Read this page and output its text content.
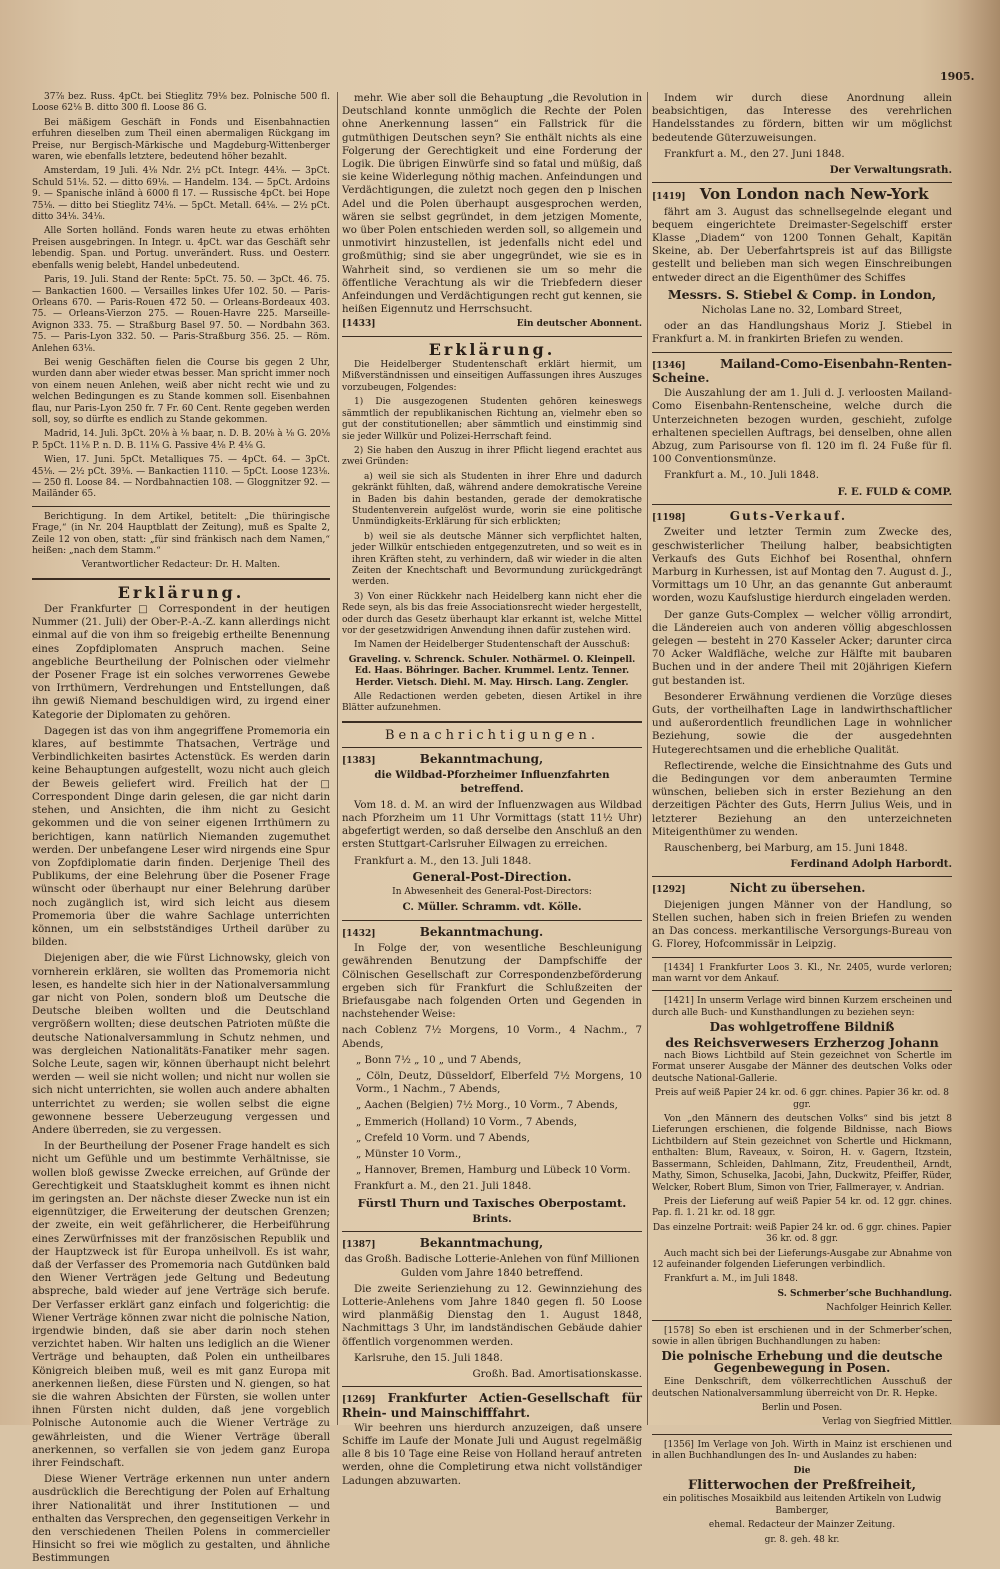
1905.

37⅞ bez. Russ. 4pCt. bei Stieglitz 79⅛ bez. Polnische 500 fl. Loose 62⅛ B. ditto 300 fl. Loose 86 G.

Bei mäßigem Geschäft in Fonds und Eisenbahnactien erfuhren dieselben zum Theil einen abermaligen Rückgang im Preise, nur Bergisch-Märkische und Magdeburg-Wittenberger waren, wie ebenfalls letztere, bedeutend höher bezahlt.

Amsterdam, 19 Juli. 4⅛ Ndr. 2½ pCt. Integr. 44⅛. — 3pCt. Schuld 51⅛. 52. — ditto 69⅛. — Handelm. 134. — 5pCt. Ardoins 9. — Spanische inländ à 6000 fl 17. — Russische 4pCt. bei Hope 75⅛. — ditto bei Stieglitz 74⅛. — 5pCt. Metall. 64⅛. — 2½ pCt. ditto 34⅛. 34⅛.

Alle Sorten holländ. Fonds waren heute zu etwas erhöhten Preisen ausgebringen. In Integr. u. 4pCt. war das Geschäft sehr lebendig. Span. und Portug. unverändert. Russ. und Oesterr. ebenfalls wenig belebt, Handel unbedeutend.

Paris, 19. Juli. Stand der Rente: 5pCt. 75. 50. — 3pCt. 46. 75. — Bankactien 1600. — Versailles linkes Ufer 102. 50. — Paris-Orleans 670. — Paris-Rouen 472 50. — Orleans-Bordeaux 403. 75. — Orleans-Vierzon 275. — Rouen-Havre 225. Marseille-Avignon 333. 75. — Straßburg Basel 97. 50. — Nordbahn 363. 75. — Paris-Lyon 332. 50. — Paris-Straßburg 356. 25. — Röm. Anlehen 63⅛.

Bei wenig Geschäften fielen die Course bis gegen 2 Uhr, wurden dann aber wieder etwas besser. Man spricht immer noch von einem neuen Anlehen, weiß aber nicht recht wie und zu welchen Bedingungen es zu Stande kommen soll. Eisenbahnen flau, nur Paris-Lyon 250 fr. 7 Fr. 60 Cent. Rente gegeben werden soll, soy, so dürfte es endlich zu Stande gekommen.

Madrid, 14. Juli. 3pCt. 20⅛ à ⅛ baar, n. D. B. 20⅛ à ⅛ G. 20⅛ P. 5pCt. 11⅛ P. n. D. B. 11⅛ G. Passive 4⅛ P. 4⅛ G.

Wien, 17. Juni. 5pCt. Metalliques 75. — 4pCt. 64. — 3pCt. 45⅛. — 2½ pCt. 39⅛. — Bankactien 1110. — 5pCt. Loose 123⅛. — 250 fl. Loose 84. — Nordbahnactien 108. — Gloggnitzer 92. — Mailänder 65.

Berichtigung. In dem Artikel, betitelt: „Die thüringische Frage,“ (in Nr. 204 Hauptblatt der Zeitung), muß es Spalte 2, Zeile 12 von oben, statt: „für sind fränkisch nach dem Namen,“ heißen: „nach dem Stamm.“

Verantwortlicher Redacteur: Dr. H. Malten.

Erklärung.

Der Frankfurter □ Correspondent in der heutigen Nummer (21. Juli) der Ober-P.-A.-Z. kann allerdings nicht einmal auf die von ihm so freigebig ertheilte Benennung eines Zopfdiplomaten Anspruch machen. Seine angebliche Beurtheilung der Polnischen oder vielmehr der Posener Frage ist ein solches verworrenes Gewebe von Irrthümern, Verdrehungen und Entstellungen, daß ihn gewiß Niemand beschuldigen wird, zu irgend einer Kategorie der Diplomaten zu gehören.

Dagegen ist das von ihm angegriffene Promemoria ein klares, auf bestimmte Thatsachen, Verträge und Verbindlichkeiten basirtes Actenstück. Es werden darin keine Behauptungen aufgestellt, wozu nicht auch gleich der Beweis geliefert wird. Freilich hat der □ Correspondent Dinge darin gelesen, die gar nicht darin stehen, und Ansichten, die ihm nicht zu Gesicht gekommen und die von seiner eigenen Irrthümern zu berichtigen, kann natürlich Niemanden zugemuthet werden. Der unbefangene Leser wird nirgends eine Spur von Zopfdiplomatie darin finden. Derjenige Theil des Publikums, der eine Belehrung über die Posener Frage wünscht oder überhaupt nur einer Belehrung darüber noch zugänglich ist, wird sich leicht aus diesem Promemoria über die wahre Sachlage unterrichten können, um ein selbstständiges Urtheil darüber zu bilden.

Diejenigen aber, die wie Fürst Lichnowsky, gleich von vornherein erklären, sie wollten das Promemoria nicht lesen, es handelte sich hier in der Nationalversammlung gar nicht von Polen, sondern bloß um Deutsche die Deutsche bleiben wollten und die Deutschland vergrößern wollten; diese deutschen Patrioten müßte die deutsche Nationalversammlung in Schutz nehmen, und was dergleichen Nationalitäts-Fanatiker mehr sagen. Solche Leute, sagen wir, können überhaupt nicht belehrt werden — weil sie nicht wollen; und nicht nur wollen sie sich nicht unterrichten, sie wollen auch andere abhalten unterrichtet zu werden; sie wollen selbst die eigne gewonnene bessere Ueberzeugung vergessen und Andere überreden, sie zu vergessen.

In der Beurtheilung der Posener Frage handelt es sich nicht um Gefühle und um bestimmte Verhältnisse, sie wollen bloß gewisse Zwecke erreichen, auf Gründe der Gerechtigkeit und Staatsklugheit kommt es ihnen nicht im geringsten an. Der nächste dieser Zwecke nun ist ein eigennütziger, die Erweiterung der deutschen Grenzen; der zweite, ein weit gefährlicherer, die Herbeiführung eines Zerwürfnisses mit der französischen Republik und der Hauptzweck ist für Europa unheilvoll. Es ist wahr, daß der Verfasser des Promemoria nach Gutdünken bald den Wiener Verträgen jede Geltung und Bedeutung abspreche, bald wieder auf jene Verträge sich berufe. Der Verfasser erklärt ganz einfach und folgerichtig: die Wiener Verträge können zwar nicht die polnische Nation, irgendwie binden, daß sie aber darin noch stehen verzichtet haben. Wir halten uns lediglich an die Wiener Verträge und behaupten, daß Polen ein untheilbares Königreich bleiben muß, weil es mit ganz Europa mit anerkennen ließen, diese Fürsten und N. giengen, so hat sie die wahren Absichten der Fürsten, sie wollen unter ihnen Fürsten nicht dulden, daß jene vorgeblich Polnische Autonomie auch die Wiener Verträge zu gewährleisten, und die Wiener Verträge überall anerkennen, so verfallen sie von jedem ganz Europa ihrer Feindschaft.

Diese Wiener Verträge erkennen nun unter andern ausdrücklich die Berechtigung der Polen auf Erhaltung ihrer Nationalität und ihrer Institutionen — und enthalten das Versprechen, den gegenseitigen Verkehr in den verschiedenen Theilen Polens in commercieller Hinsicht so frei wie möglich zu gestalten, und ähnliche Bestimmungen

mehr. Wie aber soll die Behauptung „die Revolution in Deutschland konnte unmöglich die Rechte der Polen ohne Anerkennung lassen“ ein Fallstrick für die gutmüthigen Deutschen seyn? Sie enthält nichts als eine Folgerung der Gerechtigkeit und eine Forderung der Logik. Die übrigen Einwürfe sind so fatal und müßig, daß sie keine Widerlegung nöthig machen. Anfeindungen und Verdächtigungen, die zuletzt noch gegen den p lnischen Adel und die Polen überhaupt ausgesprochen werden, wären sie selbst gegründet, in dem jetzigen Momente, wo über Polen entschieden werden soll, so allgemein und unmotivirt hinzustellen, ist jedenfalls nicht edel und großmüthig; sind sie aber ungegründet, wie sie es in Wahrheit sind, so verdienen sie um so mehr die öffentliche Verachtung als wir die Triebfedern dieser Anfeindungen und Verdächtigungen recht gut kennen, sie heißen Eigennutz und Herrschsucht.

[1433]	Ein deutscher Abonnent.

Erklärung.

Die Heidelberger Studentenschaft erklärt hiermit, um Mißverständnissen und einseitigen Auffassungen ihres Auszuges vorzubeugen, Folgendes:

1) Die ausgezogenen Studenten gehören keineswegs sämmtlich der republikanischen Richtung an, vielmehr eben so gut der constitutionellen; aber sämmtlich und einstimmig sind sie jeder Willkür und Polizei-Herrschaft feind.

2) Sie haben den Auszug in ihrer Pflicht liegend erachtet aus zwei Gründen:

a) weil sie sich als Studenten in ihrer Ehre und dadurch gekränkt fühlten, daß, während andere demokratische Vereine in Baden bis dahin bestanden, gerade der demokratische Studentenverein aufgelöst wurde, worin sie eine politische Unmündigkeits-Erklärung für sich erblickten;

b) weil sie als deutsche Männer sich verpflichtet halten, jeder Willkür entschieden entgegenzutreten, und so weit es in ihren Kräften steht, zu verhindern, daß wir wieder in die alten Zeiten der Knechtschaft und Bevormundung zurückgedrängt werden.

3) Von einer Rückkehr nach Heidelberg kann nicht eher die Rede seyn, als bis das freie Associationsrecht wieder hergestellt, oder durch das Gesetz überhaupt klar erkannt ist, welche Mittel vor der gesetzwidrigen Anwendung ihnen dafür zustehen wird.

Im Namen der Heidelberger Studentenschaft der Ausschuß:

Graveling. v. Schrenck. Schuler. Nothärmel. O. Kleinpell. Ed. Haas. Böhringer. Bacher. Krummel. Lentz. Tenner. Herder. Vietsch. Diehl. M. May. Hirsch. Lang. Zengler.

Alle Redactionen werden gebeten, diesen Artikel in ihre Blätter aufzunehmen.

Benachrichtigungen.
[1383]	Bekanntmachung,

die Wildbad-Pforzheimer Influenzfahrten betreffend.

Vom 18. d. M. an wird der Influenzwagen aus Wildbad nach Pforzheim um 11 Uhr Vormittags (statt 11½ Uhr) abgefertigt werden, so daß derselbe den Anschluß an den ersten Stuttgart-Carlsruher Eilwagen zu erreichen.

Frankfurt a. M., den 13. Juli 1848.

General-Post-Direction.

In Abwesenheit des General-Post-Directors:

C. Müller. Schramm. vdt. Kölle.

[1432]	Bekanntmachung.

In Folge der, von wesentliche Beschleunigung gewährenden Benutzung der Dampfschiffe der Cölnischen Gesellschaft zur Correspondenzbeförderung ergeben sich für Frankfurt die Schlußzeiten der Briefausgabe nach folgenden Orten und Gegenden in nachstehender Weise:

nach Coblenz 7½ Morgens, 10 Vorm., 4 Nachm., 7 Abends,

„ Bonn 7½ „ 10 „ und 7 Abends,

„ Cöln, Deutz, Düsseldorf, Elberfeld 7½ Morgens, 10 Vorm., 1 Nachm., 7 Abends,

„ Aachen (Belgien) 7½ Morg., 10 Vorm., 7 Abends,

„ Emmerich (Holland) 10 Vorm., 7 Abends,

„ Crefeld 10 Vorm. und 7 Abends,

„ Münster 10 Vorm.,

„ Hannover, Bremen, Hamburg und Lübeck 10 Vorm.

Frankfurt a. M., den 21. Juli 1848.

Fürstl Thurn und Taxisches Oberpostamt.

Brints.

[1387]	Bekanntmachung,

das Großh. Badische Lotterie-Anlehen von fünf Millionen Gulden vom Jahre 1840 betreffend.

Die zweite Serienziehung zu 12. Gewinnziehung des Lotterie-Anlehens vom Jahre 1840 gegen fl. 50 Loose wird planmäßig Dienstag den 1. August 1848, Nachmittags 3 Uhr, im landständischen Gebäude dahier öffentlich vorgenommen werden.

Karlsruhe, den 15. Juli 1848.

Großh. Bad. Amortisationskasse.

[1269] Frankfurter Actien-Gesellschaft für Rhein- und Mainschifffahrt.

Wir beehren uns hierdurch anzuzeigen, daß unsere Schiffe im Laufe der Monate Juli und August regelmäßig alle 8 bis 10 Tage eine Reise von Holland herauf antreten werden, ohne die Completirung etwa nicht vollständiger Ladungen abzuwarten.

Indem wir durch diese Anordnung allein beabsichtigen, das Interesse des verehrlichen Handelsstandes zu fördern, bitten wir um möglichst bedeutende Güterzuweisungen.

Frankfurt a. M., den 27. Juni 1848.

Der Verwaltungsrath.

[1419] Von London nach New-York

fährt am 3. August das schnellsegelnde elegant und bequem eingerichtete Dreimaster-Segelschiff erster Klasse „Diadem“ von 1200 Tonnen Gehalt, Kapitän Skeine, ab. Der Ueberfahrtspreis ist auf das Billigste gestellt und belieben man sich wegen Einschreibungen entweder direct an die Eigenthümer des Schiffes

Messrs. S. Stiebel & Comp. in London,

Nicholas Lane no. 32, Lombard Street,

oder an das Handlungshaus Moriz J. Stiebel in Frankfurt a. M. in frankirten Briefen zu wenden.

[1346]	Mailand-Como-Eisenbahn-Renten-Scheine.

Die Auszahlung der am 1. Juli d. J. verloosten Mailand-Como Eisenbahn-Rentenscheine, welche durch die Unterzeichneten bezogen wurden, geschieht, zufolge erhaltenen speciellen Auftrags, bei denselben, ohne allen Abzug, zum Parisourse von fl. 120 im fl. 24 Fuße für fl. 100 Conventionsmünze.

Frankfurt a. M., 10. Juli 1848.

F. E. FULD & COMP.

[1198]	Guts-Verkauf.

Zweiter und letzter Termin zum Zwecke des, geschwisterlicher Theilung halber, beabsichtigten Verkaufs des Guts Eichhof bei Rosenthal, ohnfern Marburg in Kurhessen, ist auf Montag den 7. August d. J., Vormittags um 10 Uhr, an das genannte Gut anberaumt worden, wozu Kaufslustige hierdurch eingeladen werden.

Der ganze Guts-Complex — welcher völlig arrondirt, die Ländereien auch von anderen völlig abgeschlossen gelegen — besteht in 270 Kasseler Acker; darunter circa 70 Acker Waldfläche, welche zur Hälfte mit baubaren Buchen und in der andere Theil mit 20jährigen Kiefern gut bestanden ist.

Besonderer Erwähnung verdienen die Vorzüge dieses Guts, der vortheilhaften Lage in landwirthschaftlicher und außerordentlich freundlichen Lage in wohnlicher Beziehung, sowie die der ausgedehnten Hutegerechtsamen und die erhebliche Qualität.

Reflectirende, welche die Einsichtnahme des Guts und die Bedingungen vor dem anberaumten Termine wünschen, belieben sich in erster Beziehung an den derzeitigen Pächter des Guts, Herrn Julius Weis, und in letzterer Beziehung an den unterzeichneten Miteigenthümer zu wenden.

Rauschenberg, bei Marburg, am 15. Juni 1848.

Ferdinand Adolph Harbordt.

[1292]	Nicht zu übersehen.

Diejenigen jungen Männer von der Handlung, so Stellen suchen, haben sich in freien Briefen zu wenden an Das concess. merkantilische Versorgungs-Bureau von G. Florey, Hofcommissär in Leipzig.

[1434] 1 Frankfurter Loos 3. Kl., Nr. 2405, wurde verloren; man warnt vor dem Ankauf.

[1421] In unserm Verlage wird binnen Kurzem erscheinen und durch alle Buch- und Kunsthandlungen zu beziehen seyn:

Das wohlgetroffene Bildniß

des Reichsverwesers Erzherzog Johann

nach Biows Lichtbild auf Stein gezeichnet von Schertle im Format unserer Ausgabe der Männer des deutschen Volks oder deutsche National-Gallerie.

Preis auf weiß Papier 24 kr. od. 6 ggr. chines. Papier 36 kr. od. 8 ggr.

Von „den Männern des deutschen Volks“ sind bis jetzt 8 Lieferungen erschienen, die folgende Bildnisse, nach Biows Lichtbildern auf Stein gezeichnet von Schertle und Hickmann, enthalten: Blum, Raveaux, v. Soiron, H. v. Gagern, Itzstein, Bassermann, Schleiden, Dahlmann, Zitz, Freudentheil, Arndt, Mathy, Simon, Schuselka, Jacobi, Jahn, Duckwitz, Pfeiffer, Rüder, Welcker, Robert Blum, Simon von Trier, Fallmerayer, v. Andrian.

Preis der Lieferung auf weiß Papier 54 kr. od. 12 ggr. chines. Pap. fl. 1. 21 kr. od. 18 ggr.

Das einzelne Portrait: weiß Papier 24 kr. od. 6 ggr. chines. Papier 36 kr. od. 8 ggr.

Auch macht sich bei der Lieferungs-Ausgabe zur Abnahme von 12 aufeinander folgenden Lieferungen verbindlich.

Frankfurt a. M., im Juli 1848.

S. Schmerber’sche Buchhandlung.

Nachfolger Heinrich Keller.

[1578] So eben ist erschienen und in der Schmerber’schen, sowie in allen übrigen Buchhandlungen zu haben:

Die polnische Erhebung und die deutsche Gegenbewegung in Posen.

Eine Denkschrift, dem völkerrechtlichen Ausschuß der deutschen Nationalversammlung überreicht von Dr. R. Hepke.

Berlin und Posen.

Verlag von Siegfried Mittler.

[1356] Im Verlage von Joh. Wirth in Mainz ist erschienen und in allen Buchhandlungen des In- und Auslandes zu haben:

Die

Flitterwochen der Preßfreiheit,

ein politisches Mosaikbild aus leitenden Artikeln von Ludwig Bamberger,

ehemal. Redacteur der Mainzer Zeitung.

gr. 8. geh. 48 kr.
